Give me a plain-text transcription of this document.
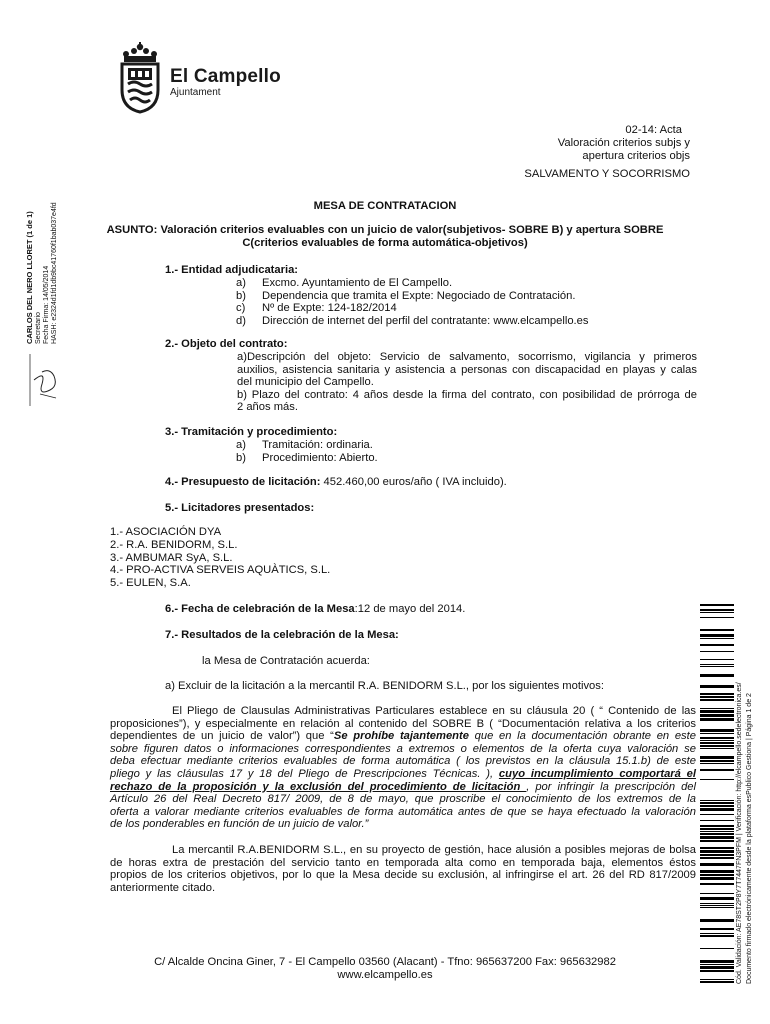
El Campello
Ajuntament
02-14: Acta
Valoración criterios subjs y
apertura criterios objs
SALVAMENTO Y SOCORRISMO
MESA DE CONTRATACION
ASUNTO: Valoración criterios evaluables con un juicio de valor(subjetivos- SOBRE B) y apertura SOBRE
C(criterios evaluables de forma automática-objetivos)
1.- Entidad adjudicataria:
a)	Excmo. Ayuntamiento de El Campello.
b)	Dependencia que tramita el Expte: Negociado de Contratación.
c)	Nº de Expte: 124-182/2014
d)	Dirección de internet del perfil del contratante: www.elcampello.es
2.- Objeto del contrato:
a)Descripción del objeto: Servicio de salvamento, socorrismo, vigilancia y primeros
auxilios, asistencia sanitaria y asistencia a personas con discapacidad en playas y calas
del municipio del Campello.
b) Plazo del contrato: 4 años desde la firma del contrato, con posibilidad de prórroga de
2 años más.
3.- Tramitación y procedimiento:
a)	Tramitación: ordinaria.
b)	Procedimiento: Abierto.
4.- Presupuesto de licitación: 452.460,00 euros/año ( IVA incluido).
5.- Licitadores presentados:
1.- ASOCIACIÓN DYA
2.- R.A. BENIDORM, S.L.
3.- AMBUMAR SyA, S.L.
4.- PRO-ACTIVA SERVEIS AQUÀTICS, S.L.
5.- EULEN, S.A.
6.- Fecha de celebración de la Mesa:12 de mayo del 2014.
7.- Resultados de la celebración de la Mesa:
la Mesa de Contratación acuerda:
a) Excluir de la licitación a la mercantil R.A. BENIDORM S.L., por los siguientes motivos:
El Pliego de Clausulas Administrativas Particulares establece en su cláusula 20 ( “ Contenido de las
proposiciones”), y especialmente en relación al contenido del SOBRE B ( “Documentación relativa a los criterios
dependientes de un juicio de valor”) que “Se prohíbe tajantemente que en la documentación obrante en este
sobre figuren datos o informaciones correspondientes a extremos o elementos de la oferta cuya valoración se
deba efectuar mediante criterios evaluables de forma automática ( los previstos en la cláusula 15.1.b) de este
pliego y las cláusulas 17 y 18 del Pliego de Prescripciones Técnicas. ), cuyo incumplimiento comportará el
rechazo de la proposición y la exclusión del procedimiento de licitación , por infringir la prescripción del
Artículo 26 del Real Decreto 817/ 2009, de 8 de mayo, que proscribe el conocimiento de los extremos de la
oferta a valorar mediante criterios evaluables de forma automática antes de que se haya efectuado la valoración
de los ponderables en función de un juicio de valor.”
La mercantil R.A.BENIDORM S.L., en su proyecto de gestión, hace alusión a posibles mejoras de bolsa
de horas extra de prestación del servicio tanto en temporada alta como en temporada baja, elementos éstos
propios de los criterios objetivos, por lo que la Mesa decide su exclusión, al infringirse el art. 26 del RD 817/2009
anteriormente citado.
C/ Alcalde Oncina Giner, 7 - El Campello 03560 (Alacant) - Tfno: 965637200 Fax: 965632982
www.elcampello.es
CARLOS DEL NERO LLORET (1 de 1) Secretario Fecha Firma: 14/05/2014 HASH: e2324d1fd1db9bc41760f1bab037e4fd
Cód. Validación: AE78ST2P8Y7T7447FN3PFM | Verificación: http://elcampello.sedelectronica.es/ Documento firmado electrónicamente desde la plataforma esPublico Gestiona | Página 1 de 2
